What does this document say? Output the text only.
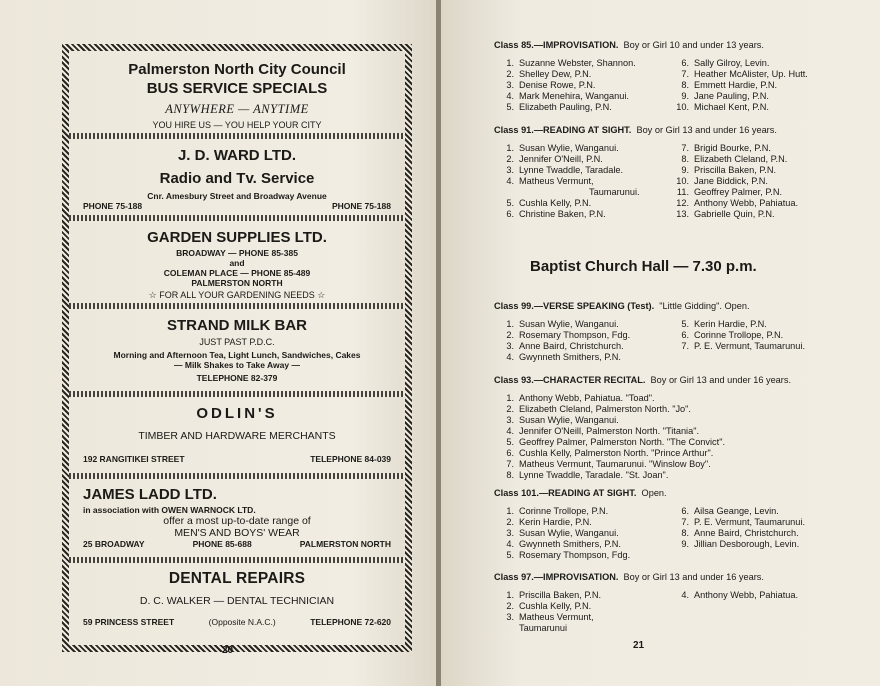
Palmerston North City Council
BUS SERVICE SPECIALS
ANYWHERE — ANYTIME
YOU HIRE US — YOU HELP YOUR CITY
J. D. WARD LTD.
Radio and Tv. Service
Cnr. Amesbury Street and Broadway Avenue
PHONE 75-188	PHONE 75-188
GARDEN SUPPLIES LTD.
BROADWAY — PHONE 85-385
and
COLEMAN PLACE — PHONE 85-489
PALMERSTON NORTH
☆ FOR ALL YOUR GARDENING NEEDS ☆
STRAND MILK BAR
JUST PAST P.D.C.
Morning and Afternoon Tea, Light Lunch, Sandwiches, Cakes
— Milk Shakes to Take Away —
TELEPHONE 82-379
ODLIN'S
TIMBER AND HARDWARE MERCHANTS
192 RANGITIKEI STREET	TELEPHONE 84-039
JAMES LADD LTD.
in association with OWEN WARNOCK LTD.
offer a most up-to-date range of
MEN'S AND BOYS' WEAR
25 BROADWAY	PHONE 85-688	PALMERSTON NORTH
DENTAL REPAIRS
D. C. WALKER — DENTAL TECHNICIAN
59 PRINCESS STREET	(Opposite N.A.C.)	TELEPHONE 72-620
20	21
Baptist Church Hall — 7.30 p.m.
Class 85.—IMPROVISATION.  Boy or Girl 10 and under 13 years.
1. Suzanne Webster, Shannon.
2. Shelley Dew, P.N.
3. Denise Rowe, P.N.
4. Mark Menehira, Wanganui.
5. Elizabeth Pauling, P.N.
6. Sally Gilroy, Levin.
7. Heather McAlister, Up. Hutt.
8. Emmett Hardie, P.N.
9. Jane Pauling, P.N.
10. Michael Kent, P.N.
Class 91.—READING AT SIGHT.  Boy or Girl 13 and under 16 years.
1. Susan Wylie, Wanganui.
2. Jennifer O'Neill, P.N.
3. Lynne Twaddle, Taradale.
4. Matheus Vermunt,
Taumarunui.
5. Cushla Kelly, P.N.
6. Christine Baken, P.N.
7. Brigid Bourke, P.N.
8. Elizabeth Cleland, P.N.
9. Priscilla Baken, P.N.
10. Jane Biddick, P.N.
11. Geoffrey Palmer, P.N.
12. Anthony Webb, Pahiatua.
13. Gabrielle Quin, P.N.
Class 99.—VERSE SPEAKING (Test).  "Little Gidding". Open.
1. Susan Wylie, Wanganui.
2. Rosemary Thompson, Fdg.
3. Anne Baird, Christchurch.
4. Gwynneth Smithers, P.N.
5. Kerin Hardie, P.N.
6. Corinne Trollope, P.N.
7. P. E. Vermunt, Taumarunui.
Class 93.—CHARACTER RECITAL.  Boy or Girl 13 and under 16 years.
1. Anthony Webb, Pahiatua. "Toad".
2. Elizabeth Cleland, Palmerston North. "Jo".
3. Susan Wylie, Wanganui.
4. Jennifer O'Neill, Palmerston North. "Titania".
5. Geoffrey Palmer, Palmerston North. "The Convict".
6. Cushla Kelly, Palmerston North. "Prince Arthur".
7. Matheus Vermunt, Taumarunui. "Winslow Boy".
8. Lynne Twaddle, Taradale. "St. Joan".
Class 101.—READING AT SIGHT.  Open.
1. Corinne Trollope, P.N.
2. Kerin Hardie, P.N.
3. Susan Wylie, Wanganui.
4. Gwynneth Smithers, P.N.
5. Rosemary Thompson, Fdg.
6. Ailsa Geange, Levin.
7. P. E. Vermunt, Taumarunui.
8. Anne Baird, Christchurch.
9. Jillian Desborough, Levin.
Class 97.—IMPROVISATION.  Boy or Girl 13 and under 16 years.
1. Priscilla Baken, P.N.
2. Cushla Kelly, P.N.
3. Matheus Vermunt,
Taumarunui
4. Anthony Webb, Pahiatua.
